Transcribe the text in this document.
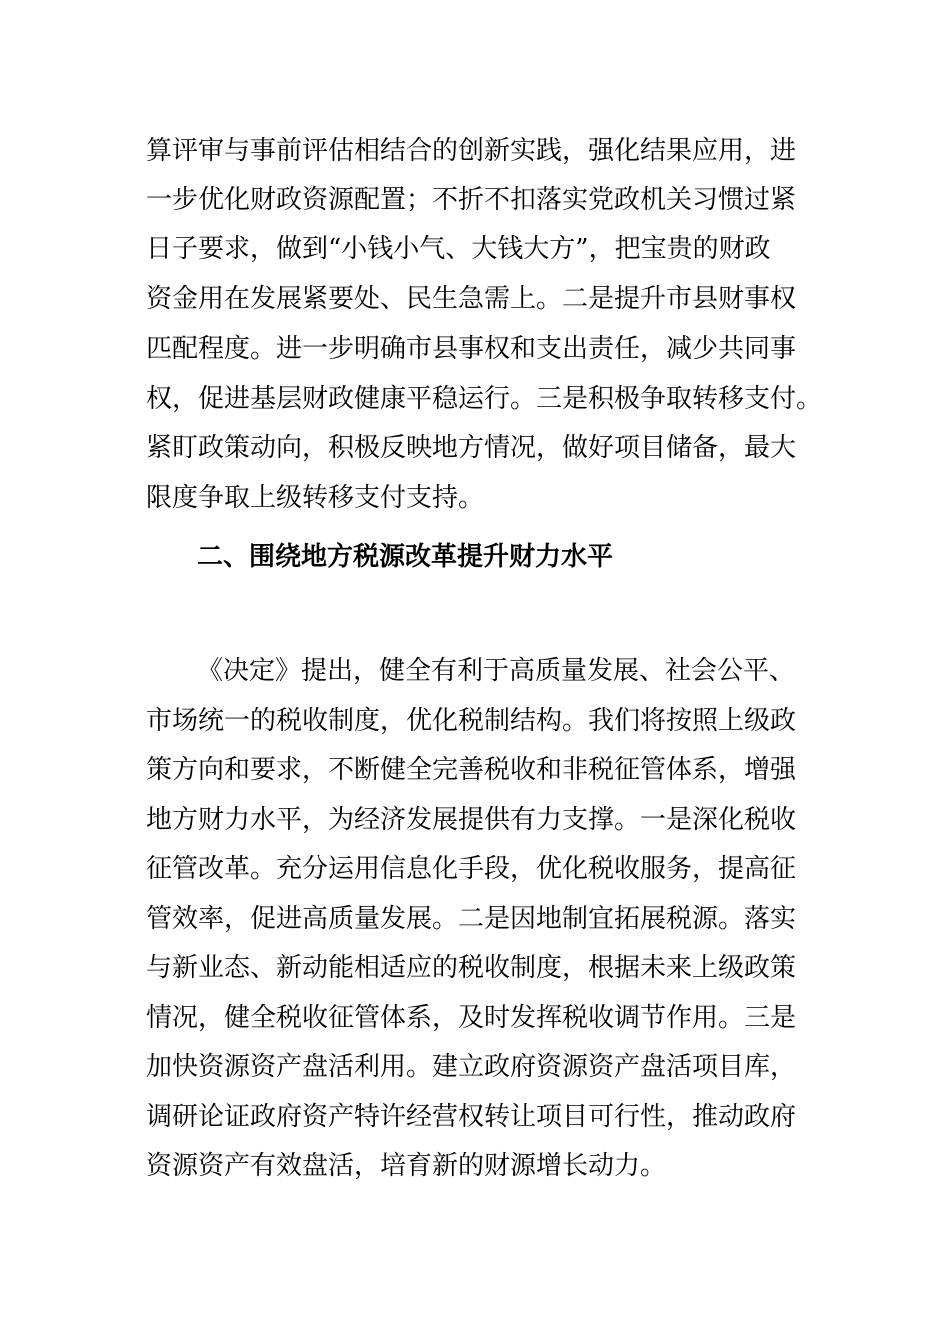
算评审与事前评估相结合的创新实践，强化结果应用，进

一步优化财政资源配置；不折不扣落实党政机关习惯过紧

日子要求，做到“小钱小气、大钱大方”，把宝贵的财政

资金用在发展紧要处、民生急需上。二是提升市县财事权

匹配程度。进一步明确市县事权和支出责任，减少共同事

权，促进基层财政健康平稳运行。三是积极争取转移支付。

紧盯政策动向，积极反映地方情况，做好项目储备，最大

限度争取上级转移支付支持。

二、围绕地方税源改革提升财力水平

《决定》提出，健全有利于高质量发展、社会公平、

市场统一的税收制度，优化税制结构。我们将按照上级政

策方向和要求，不断健全完善税收和非税征管体系，增强

地方财力水平，为经济发展提供有力支撑。一是深化税收

征管改革。充分运用信息化手段，优化税收服务，提高征

管效率，促进高质量发展。二是因地制宜拓展税源。落实

与新业态、新动能相适应的税收制度，根据未来上级政策

情况，健全税收征管体系，及时发挥税收调节作用。三是

加快资源资产盘活利用。建立政府资源资产盘活项目库，

调研论证政府资产特许经营权转让项目可行性，推动政府

资源资产有效盘活，培育新的财源增长动力。
